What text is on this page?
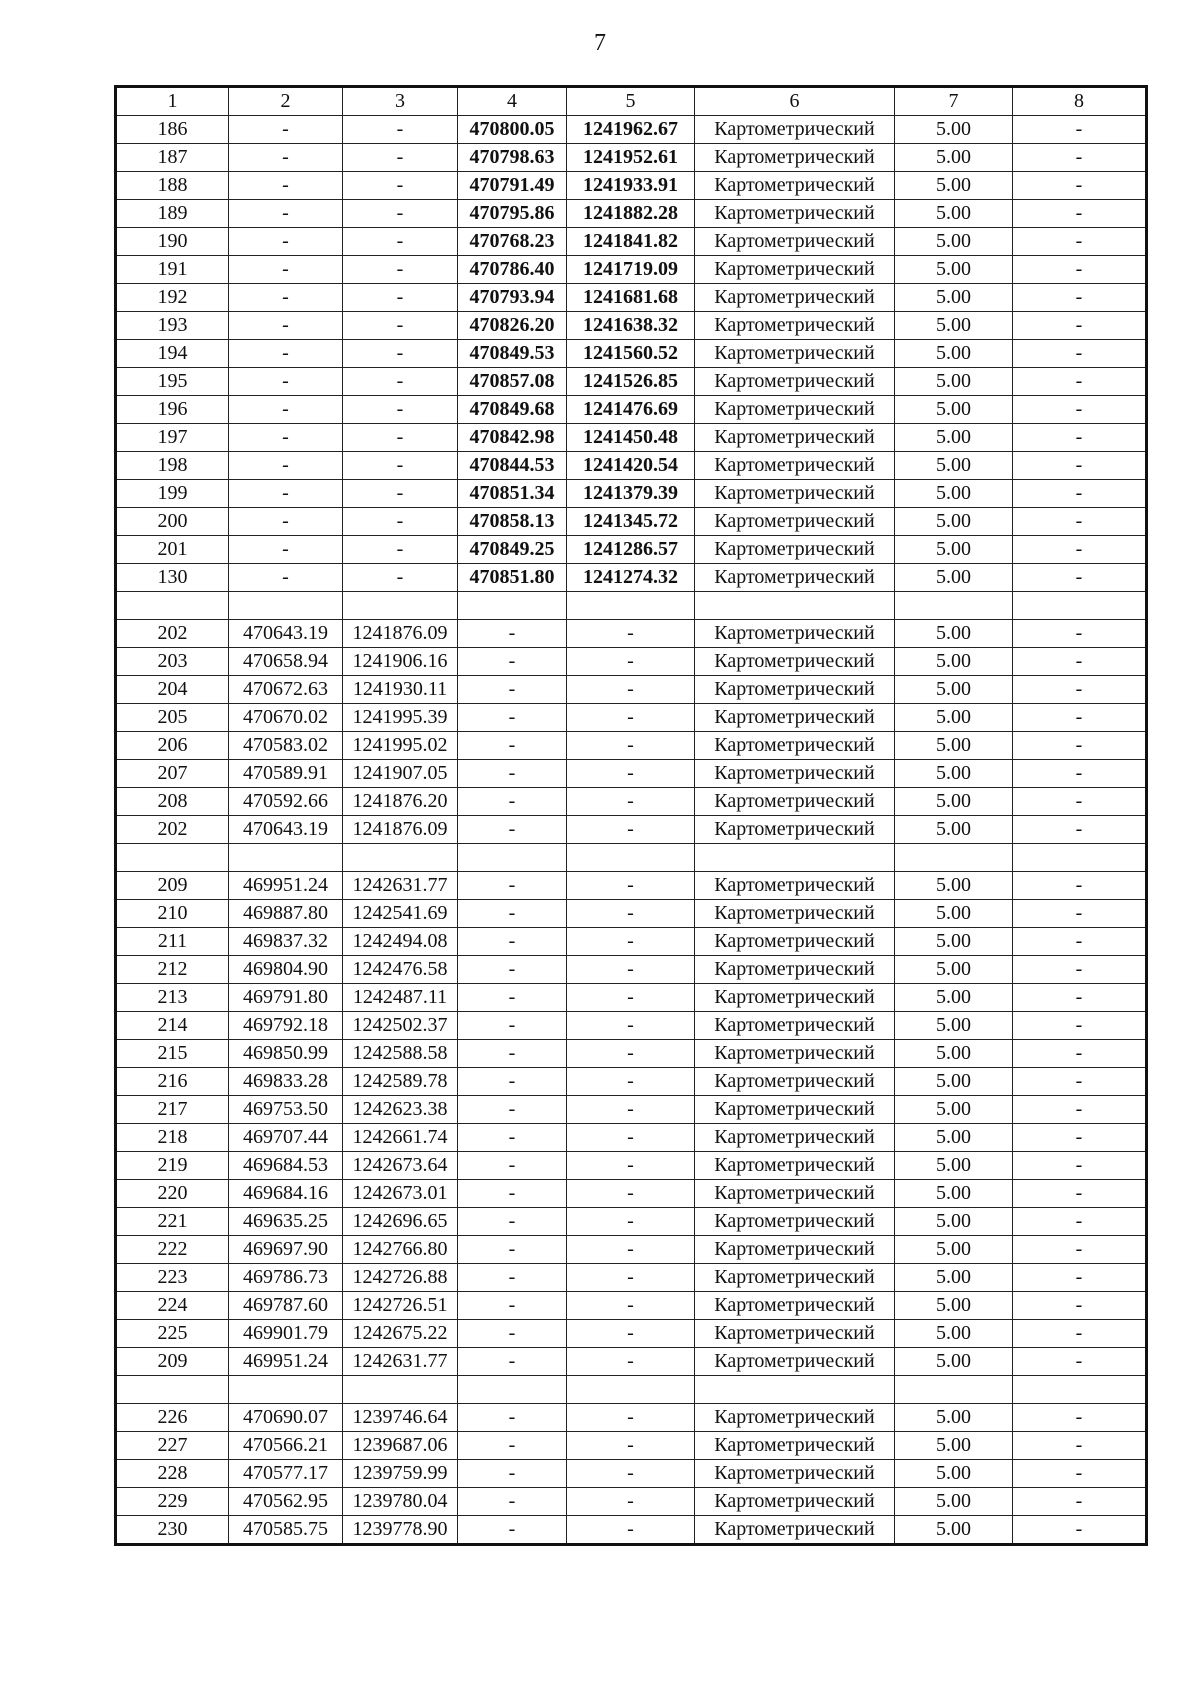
7
1	2	3	4	5	6	7	8
186	-	-	470800.05	1241962.67	Картометрический	5.00	-
187	-	-	470798.63	1241952.61	Картометрический	5.00	-
188	-	-	470791.49	1241933.91	Картометрический	5.00	-
189	-	-	470795.86	1241882.28	Картометрический	5.00	-
190	-	-	470768.23	1241841.82	Картометрический	5.00	-
191	-	-	470786.40	1241719.09	Картометрический	5.00	-
192	-	-	470793.94	1241681.68	Картометрический	5.00	-
193	-	-	470826.20	1241638.32	Картометрический	5.00	-
194	-	-	470849.53	1241560.52	Картометрический	5.00	-
195	-	-	470857.08	1241526.85	Картометрический	5.00	-
196	-	-	470849.68	1241476.69	Картометрический	5.00	-
197	-	-	470842.98	1241450.48	Картометрический	5.00	-
198	-	-	470844.53	1241420.54	Картометрический	5.00	-
199	-	-	470851.34	1241379.39	Картометрический	5.00	-
200	-	-	470858.13	1241345.72	Картометрический	5.00	-
201	-	-	470849.25	1241286.57	Картометрический	5.00	-
130	-	-	470851.80	1241274.32	Картометрический	5.00	-

202	470643.19	1241876.09	-	-	Картометрический	5.00	-
203	470658.94	1241906.16	-	-	Картометрический	5.00	-
204	470672.63	1241930.11	-	-	Картометрический	5.00	-
205	470670.02	1241995.39	-	-	Картометрический	5.00	-
206	470583.02	1241995.02	-	-	Картометрический	5.00	-
207	470589.91	1241907.05	-	-	Картометрический	5.00	-
208	470592.66	1241876.20	-	-	Картометрический	5.00	-
202	470643.19	1241876.09	-	-	Картометрический	5.00	-

209	469951.24	1242631.77	-	-	Картометрический	5.00	-
210	469887.80	1242541.69	-	-	Картометрический	5.00	-
211	469837.32	1242494.08	-	-	Картометрический	5.00	-
212	469804.90	1242476.58	-	-	Картометрический	5.00	-
213	469791.80	1242487.11	-	-	Картометрический	5.00	-
214	469792.18	1242502.37	-	-	Картометрический	5.00	-
215	469850.99	1242588.58	-	-	Картометрический	5.00	-
216	469833.28	1242589.78	-	-	Картометрический	5.00	-
217	469753.50	1242623.38	-	-	Картометрический	5.00	-
218	469707.44	1242661.74	-	-	Картометрический	5.00	-
219	469684.53	1242673.64	-	-	Картометрический	5.00	-
220	469684.16	1242673.01	-	-	Картометрический	5.00	-
221	469635.25	1242696.65	-	-	Картометрический	5.00	-
222	469697.90	1242766.80	-	-	Картометрический	5.00	-
223	469786.73	1242726.88	-	-	Картометрический	5.00	-
224	469787.60	1242726.51	-	-	Картометрический	5.00	-
225	469901.79	1242675.22	-	-	Картометрический	5.00	-
209	469951.24	1242631.77	-	-	Картометрический	5.00	-

226	470690.07	1239746.64	-	-	Картометрический	5.00	-
227	470566.21	1239687.06	-	-	Картометрический	5.00	-
228	470577.17	1239759.99	-	-	Картометрический	5.00	-
229	470562.95	1239780.04	-	-	Картометрический	5.00	-
230	470585.75	1239778.90	-	-	Картометрический	5.00	-
